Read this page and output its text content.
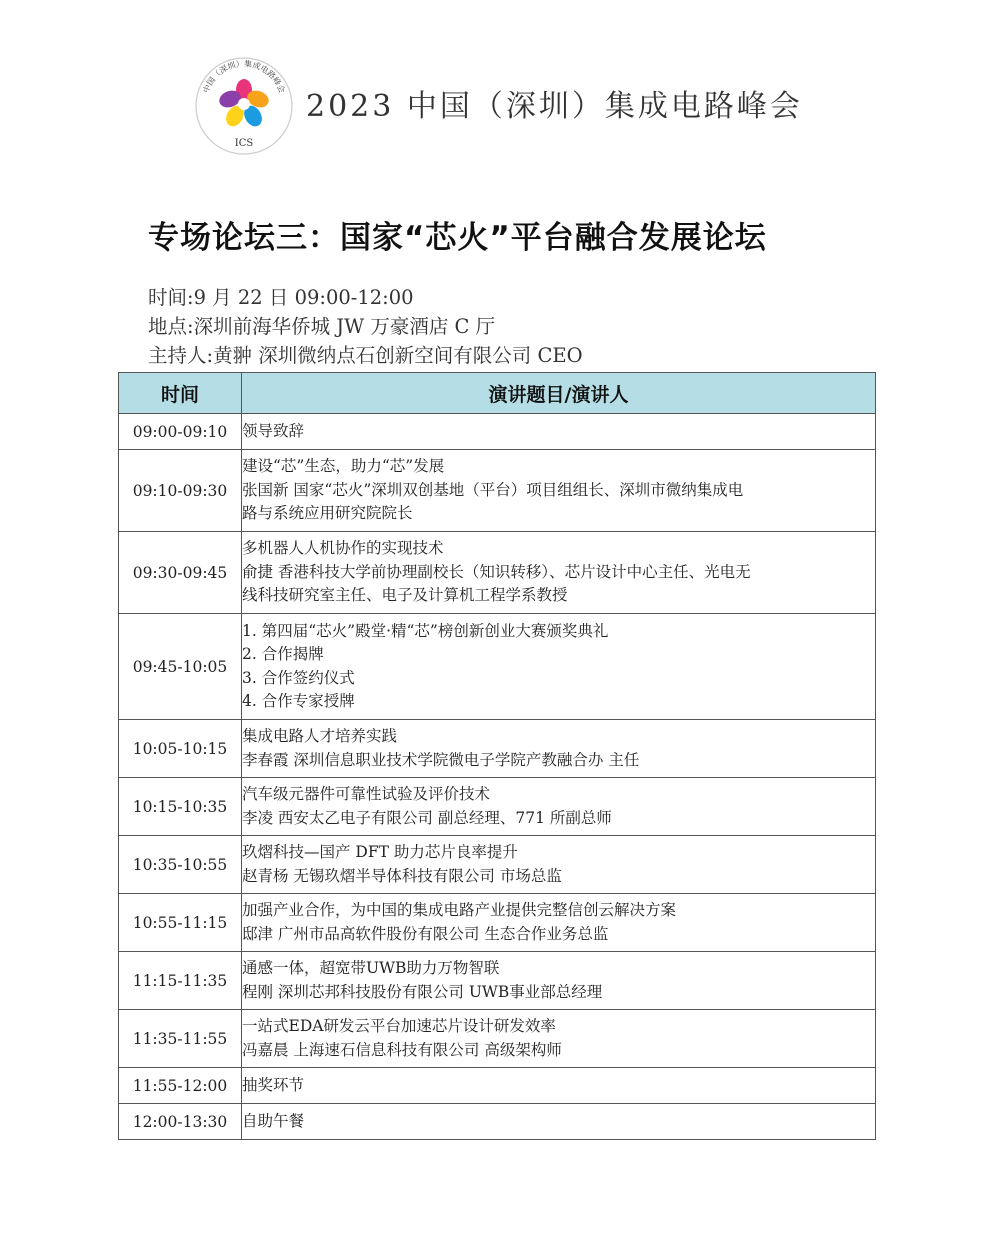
中国（深圳）集成电路峰会
ICS
2023 中国（深圳）集成电路峰会
专场论坛三：国家“芯火”平台融合发展论坛
时间:9 月 22 日 09:00-12:00
地点:深圳前海华侨城 JW 万豪酒店 C 厅
主持人:黄翀 深圳微纳点石创新空间有限公司 CEO
时间	演讲题目/演讲人
09:00-09:10	领导致辞

09:10-09:30	建设“芯”生态，助力“芯”发展
张国新 国家“芯火”深圳双创基地（平台）项目组组长、深圳市微纳集成电
路与系统应用研究院院长

09:30-09:45	多机器人人机协作的实现技术
俞捷 香港科技大学前协理副校长（知识转移）、芯片设计中心主任、光电无
线科技研究室主任、电子及计算机工程学系教授

09:45-10:05	1. 第四届“芯火”殿堂·精“芯”榜创新创业大赛颁奖典礼
2. 合作揭牌
3. 合作签约仪式
4. 合作专家授牌

10:05-10:15	集成电路人才培养实践
李春霞 深圳信息职业技术学院微电子学院产教融合办 主任

10:15-10:35	汽车级元器件可靠性试验及评价技术
李凌 西安太乙电子有限公司 副总经理、771 所副总师

10:35-10:55	玖熠科技—国产 DFT 助力芯片良率提升
赵青杨 无锡玖熠半导体科技有限公司 市场总监

10:55-11:15	加强产业合作，为中国的集成电路产业提供完整信创云解决方案
邸津 广州市品高软件股份有限公司 生态合作业务总监

11:15-11:35	通感一体，超宽带UWB助力万物智联
程刚 深圳芯邦科技股份有限公司 UWB事业部总经理

11:35-11:55	一站式EDA研发云平台加速芯片设计研发效率
冯嘉晨 上海速石信息科技有限公司 高级架构师

11:55-12:00	抽奖环节

12:00-13:30	自助午餐
